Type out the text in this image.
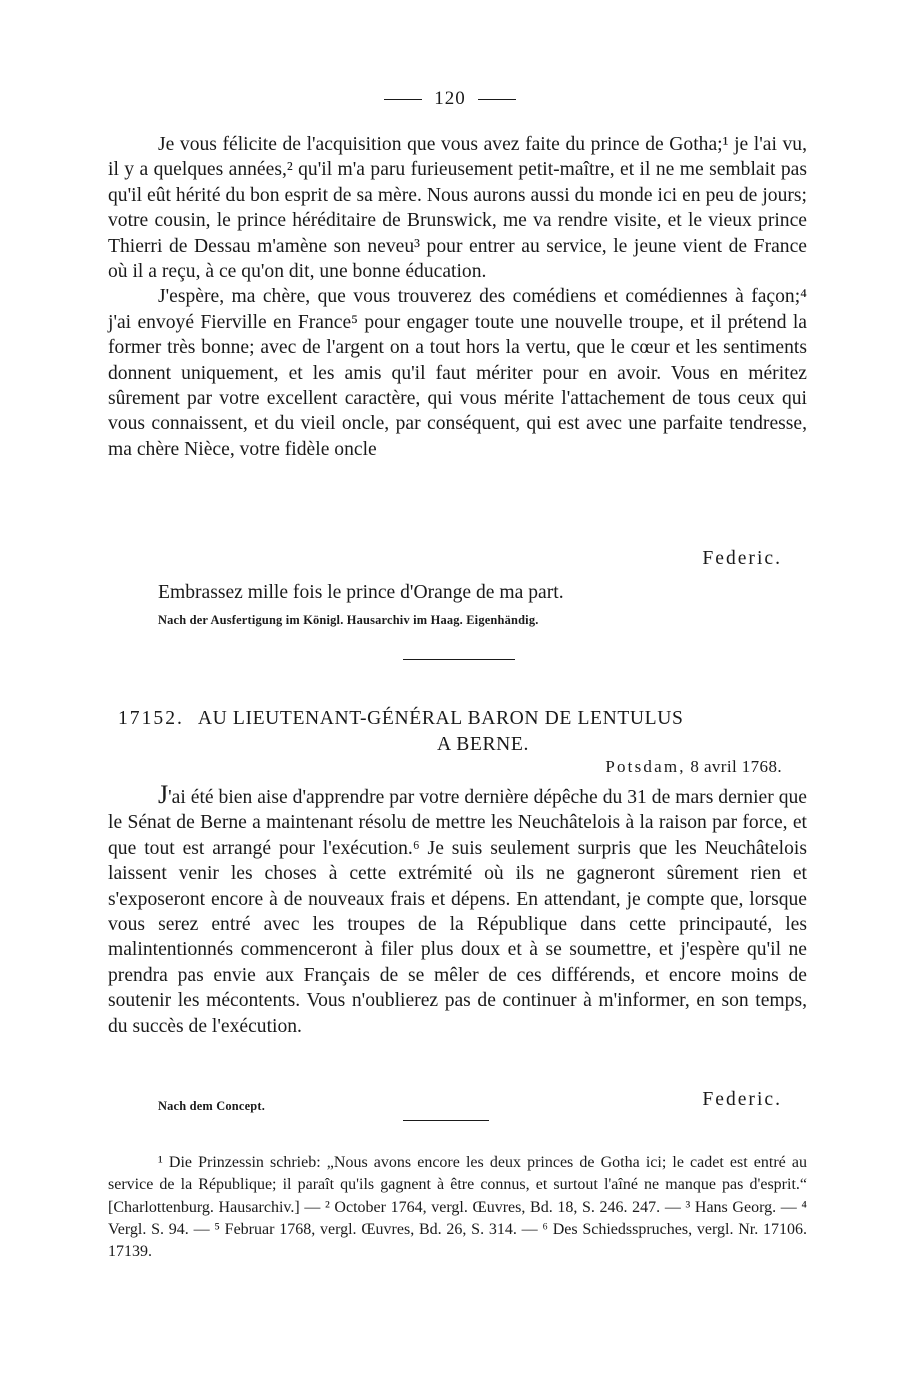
120

Je vous félicite de l'acquisition que vous avez faite du prince de Gotha;¹ je l'ai vu, il y a quelques années,² qu'il m'a paru furieusement petit-maître, et il ne me semblait pas qu'il eût hérité du bon esprit de sa mère. Nous aurons aussi du monde ici en peu de jours; votre cousin, le prince héréditaire de Brunswick, me va rendre visite, et le vieux prince Thierri de Dessau m'amène son neveu³ pour entrer au service, le jeune vient de France où il a reçu, à ce qu'on dit, une bonne éducation.

J'espère, ma chère, que vous trouverez des comédiens et comédiennes à façon;⁴ j'ai envoyé Fierville en France⁵ pour engager toute une nouvelle troupe, et il prétend la former très bonne; avec de l'argent on a tout hors la vertu, que le cœur et les sentiments donnent uniquement, et les amis qu'il faut mériter pour en avoir. Vous en méritez sûrement par votre excellent caractère, qui vous mérite l'attachement de tous ceux qui vous connaissent, et du vieil oncle, par conséquent, qui est avec une parfaite tendresse, ma chère Nièce, votre fidèle oncle

Federic.
Embrassez mille fois le prince d'Orange de ma part.
Nach der Ausfertigung im Königl. Hausarchiv im Haag. Eigenhändig.
17152. AU LIEUTENANT-GÉNÉRAL BARON DE LENTULUS
A BERNE.
Potsdam, 8 avril 1768.

J'ai été bien aise d'apprendre par votre dernière dépêche du 31 de mars dernier que le Sénat de Berne a maintenant résolu de mettre les Neuchâtelois à la raison par force, et que tout est arrangé pour l'exécution.⁶ Je suis seulement surpris que les Neuchâtelois laissent venir les choses à cette extrémité où ils ne gagneront sûrement rien et s'exposeront encore à de nouveaux frais et dépens. En attendant, je compte que, lorsque vous serez entré avec les troupes de la République dans cette principauté, les malintentionnés commenceront à filer plus doux et à se soumettre, et j'espère qu'il ne prendra pas envie aux Français de se mêler de ces différends, et encore moins de soutenir les mécontents. Vous n'oublierez pas de continuer à m'informer, en son temps, du succès de l'exécution.

Nach dem Concept.	Federic.

¹ Die Prinzessin schrieb: „Nous avons encore les deux princes de Gotha ici; le cadet est entré au service de la République; il paraît qu'ils gagnent à être connus, et surtout l'aîné ne manque pas d'esprit.“ [Charlottenburg. Hausarchiv.] — ² October 1764, vergl. Œuvres, Bd. 18, S. 246. 247. — ³ Hans Georg. — ⁴ Vergl. S. 94. — ⁵ Februar 1768, vergl. Œuvres, Bd. 26, S. 314. — ⁶ Des Schiedsspruches, vergl. Nr. 17106. 17139.
